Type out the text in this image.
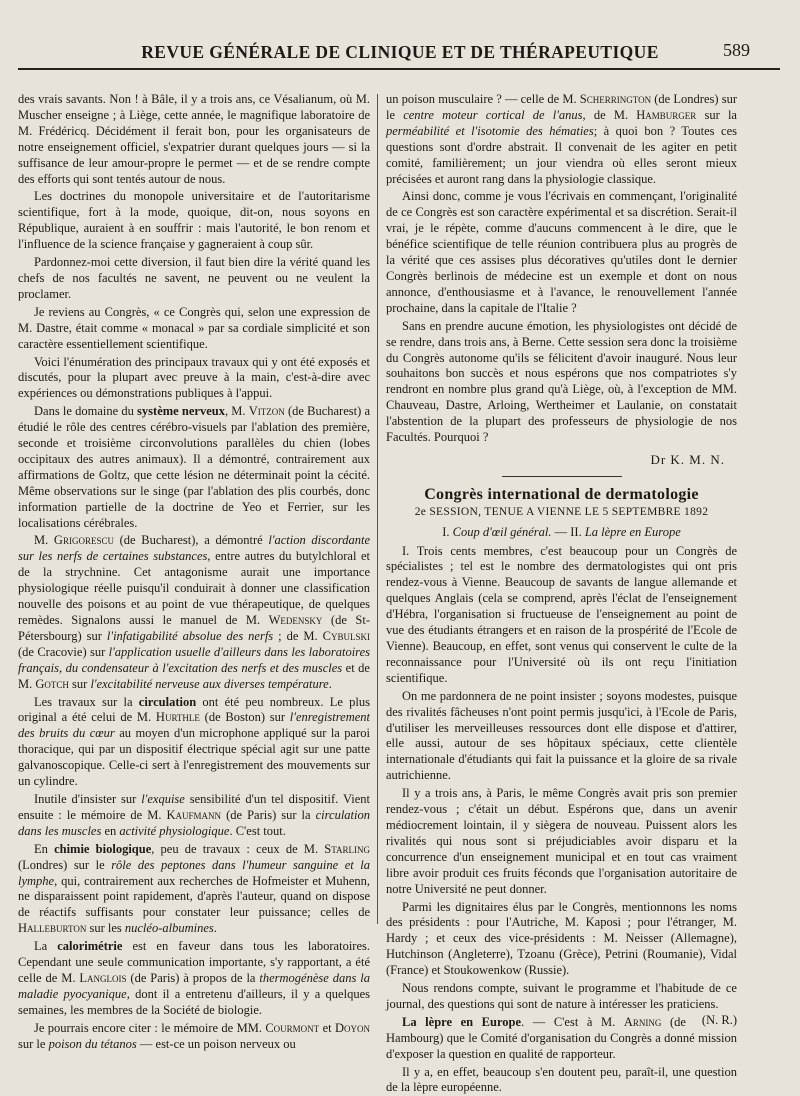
REVUE GÉNÉRALE DE CLINIQUE ET DE THÉRAPEUTIQUE	589

des vrais savants. Non ! à Bâle, il y a trois ans, ce Vésalianum, où M. Muscher enseigne ; à Liège, cette année, le magnifique laboratoire de M. Frédéricq. Décidément il ferait bon, pour les organisateurs de notre enseignement officiel, s'expatrier durant quelques jours — si la suffisance de leur amour-propre le permet — et de se rendre compte des efforts qui sont tentés autour de nous.

Les doctrines du monopole universitaire et de l'autoritarisme scientifique, fort à la mode, quoique, dit-on, nous soyons en République, auraient à en souffrir : mais l'autorité, le bon renom et l'influence de la science française y gagneraient à coup sûr.

Pardonnez-moi cette diversion, il faut bien dire la vérité quand les chefs de nos facultés ne savent, ne peuvent ou ne veulent la proclamer.

Je reviens au Congrès, « ce Congrès qui, selon une expression de M. Dastre, était comme « monacal » par sa cordiale simplicité et son caractère essentiellement scientifique.

Voici l'énumération des principaux travaux qui y ont été exposés et discutés, pour la plupart avec preuve à la main, c'est-à-dire avec expériences ou démonstrations publiques à l'appui.

Dans le domaine du système nerveux, M. Vitzon (de Bucharest) a étudié le rôle des centres cérébro-visuels par l'ablation des première, seconde et troisième circonvolutions parallèles du chien (lobes occipitaux des autres animaux). Il a démontré, contrairement aux affirmations de Goltz, que cette lésion ne déterminait point la cécité. Même observations sur le singe (par l'ablation des plis courbés, donc information partielle de la doctrine de Yeo et Ferrier, sur les localisations cérébrales.

M. Grigorescu (de Bucharest), a démontré l'action discordante sur les nerfs de certaines substances, entre autres du butylchloral et de la strychnine. Cet antagonisme aurait une importance physiologique réelle puisqu'il conduirait à donner une classification nouvelle des poisons et au point de vue thérapeutique, de quelques remèdes. Signalons aussi le manuel de M. Wedensky (de St-Pétersbourg) sur l'infatigabilité absolue des nerfs ; de M. Cybulski (de Cracovie) sur l'application usuelle d'ailleurs dans les laboratoires français, du condensateur à l'excitation des nerfs et des muscles et de M. Gotch sur l'excitabilité nerveuse aux diverses température.

Les travaux sur la circulation ont été peu nombreux. Le plus original a été celui de M. Hurthle (de Boston) sur l'enregistrement des bruits du cœur au moyen d'un microphone appliqué sur la paroi thoracique, qui par un dispositif électrique spécial agit sur une patte galvanoscopique. Celle-ci sert à l'enregistrement des mouvements sur un cylindre.

Inutile d'insister sur l'exquise sensibilité d'un tel dispositif. Vient ensuite : le mémoire de M. Kaufmann (de Paris) sur la circulation dans les muscles en activité physiologique. C'est tout.

En chimie biologique, peu de travaux : ceux de M. Starling (Londres) sur le rôle des peptones dans l'humeur sanguine et la lymphe, qui, contrairement aux recherches de Hofmeister et Muhenn, ne disparaissent point rapidement, d'après l'auteur, quand on dispose de réactifs suffisants pour constater leur puissance; celles de Halleburton sur les nucléo-albumines.

La calorimétrie est en faveur dans tous les laboratoires. Cependant une seule communication importante, s'y rapportant, a été celle de M. Langlois (de Paris) à propos de la thermogénèse dans la maladie pyocyanique, dont il a entretenu d'ailleurs, il y a quelques semaines, les membres de la Société de biologie.

Je pourrais encore citer : le mémoire de MM. Courmont et Doyon sur le poison du tétanos — est-ce un poison nerveux ou

un poison musculaire ? — celle de M. Scherrington (de Londres) sur le centre moteur cortical de l'anus, de M. Hamburger sur la perméabilité et l'isotomie des hématies; à quoi bon ? Toutes ces questions sont d'ordre abstrait. Il convenait de les agiter en petit comité, familièrement; un jour viendra où elles seront mieux précisées et auront rang dans la physiologie classique.

Ainsi donc, comme je vous l'écrivais en commençant, l'originalité de ce Congrès est son caractère expérimental et sa discrétion. Serait-il vrai, je le répète, comme d'aucuns commencent à le dire, que le bénéfice scientifique de telle réunion contribuera plus au progrès de la vérité que ces assises plus décoratives qu'utiles dont le dernier Congrès berlinois de médecine est un exemple et dont on nous annonce, d'enthousiasme et à l'avance, le renouvellement l'année prochaine, dans la capitale de l'Italie ?

Sans en prendre aucune émotion, les physiologistes ont décidé de se rendre, dans trois ans, à Berne. Cette session sera donc la troisième du Congrès autonome qu'ils se félicitent d'avoir inauguré. Nous leur souhaitons bon succès et nous espérons que nos compatriotes s'y rendront en nombre plus grand qu'à Liège, où, à l'exception de MM. Chauveau, Dastre, Arloing, Wertheimer et Laulanie, on constatait l'abstention de la plupart des professeurs de physiologie de nos Facultés. Pourquoi ?

Dr K. M. N.
Congrès international de dermatologie
2e SESSION, TENUE A VIENNE LE 5 SEPTEMBRE 1892
I. Coup d'œil général. — II. La lèpre en Europe

I. Trois cents membres, c'est beaucoup pour un Congrès de spécialistes ; tel est le nombre des dermatologistes qui ont pris rendez-vous à Vienne. Beaucoup de savants de langue allemande et quelques Anglais (cela se comprend, après l'éclat de l'enseignement d'Hébra, l'organisation si fructueuse de l'enseignement au point de vue des étudiants étrangers et en raison de la prospérité de l'Ecole de Vienne). Beaucoup, en effet, sont venus qui conservent le culte de la reconnaissance pour l'Université où ils ont reçu l'initiation scientifique.

On me pardonnera de ne point insister ; soyons modestes, puisque des rivalités fâcheuses n'ont point permis jusqu'ici, à l'Ecole de Paris, d'utiliser les merveilleuses ressources dont elle dispose et d'attirer, elle aussi, autour de ses hôpitaux spéciaux, cette clientèle internationale d'étudiants qui fait la puissance et la gloire de sa rivale autrichienne.

Il y a trois ans, à Paris, le même Congrès avait pris son premier rendez-vous ; c'était un début. Espérons que, dans un avenir médiocrement lointain, il y siègera de nouveau. Puissent alors les rivalités qui nous sont si préjudiciables avoir disparu et la concurrence d'un enseignement municipal et en tout cas vraiment libre avoir produit ces fruits féconds que l'organisation autoritaire de notre Université ne peut donner.

Parmi les dignitaires élus par le Congrès, mentionnons les noms des présidents : pour l'Autriche, M. Kaposi ; pour l'étranger, M. Hardy ; et ceux des vice-présidents : M. Neisser (Allemagne), Hutchinson (Angleterre), Tzoanu (Grèce), Petrini (Roumanie), Vidal (France) et Stoukowenkow (Russie).

Nous rendons compte, suivant le programme et l'habitude de ce journal, des questions qui sont de nature à intéresser les praticiens.
(N. R.)

La lèpre en Europe. — C'est à M. Arning (de Hambourg) que le Comité d'organisation du Congrès a donné mission d'exposer la question en qualité de rapporteur.

Il y a, en effet, beaucoup s'en doutent peu, paraît-il, une question de la lèpre européenne.
